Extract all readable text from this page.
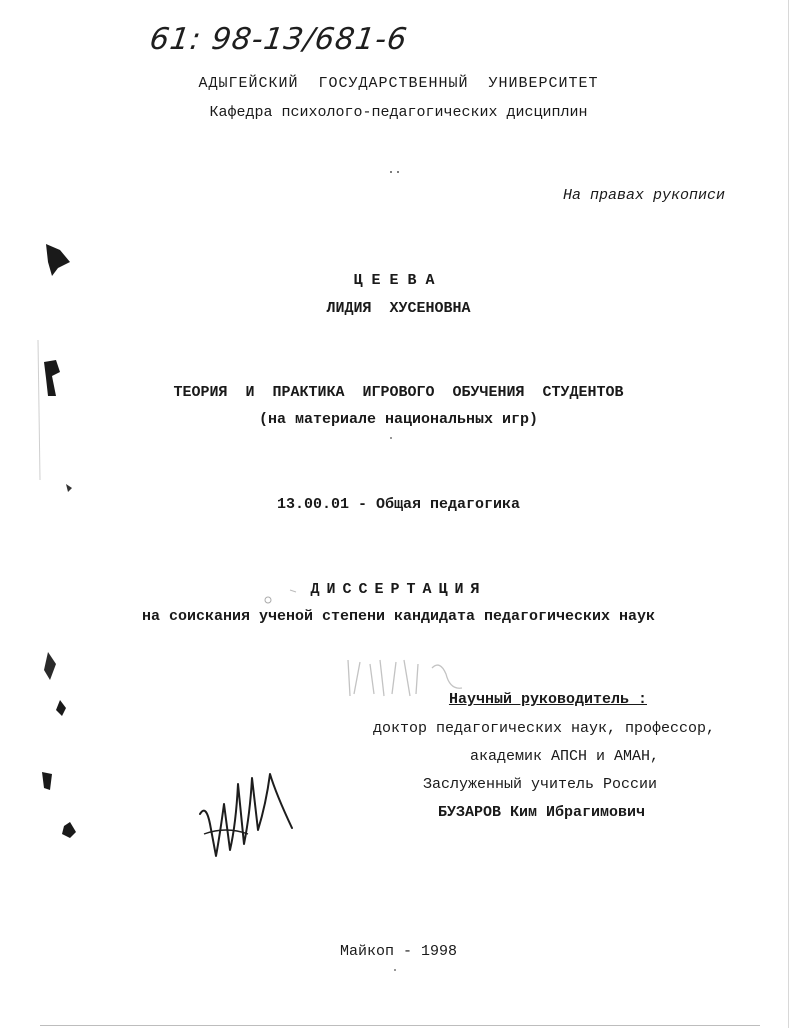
61: 98-13/681-6
АДЫГЕЙСКИЙ  ГОСУДАРСТВЕННЫЙ  УНИВЕРСИТЕТ
Кафедра психолого-педагогических дисциплин
На правах рукописи
ЦЕЕВА
ЛИДИЯ  ХУСЕНОВНА
ТЕОРИЯ  И  ПРАКТИКА  ИГРОВОГО  ОБУЧЕНИЯ  СТУДЕНТОВ
(на материале национальных игр)
13.00.01 - Общая педагогика
ДИССЕРТАЦИЯ
на соискания ученой степени кандидата педагогических наук
Научный руководитель :
доктор педагогических наук, профессор,
академик АПСН и АМАН,
Заслуженный учитель России
БУЗАРОВ Ким Ибрагимович
Майкоп - 1998
